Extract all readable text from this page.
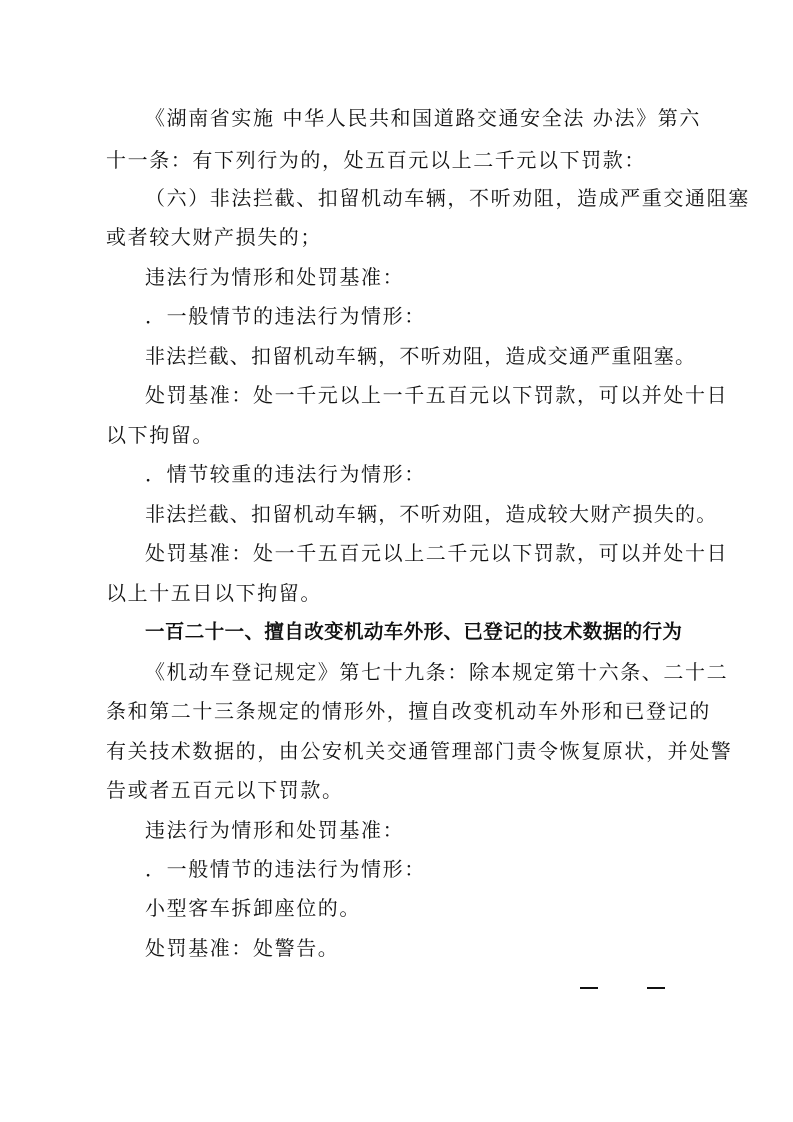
《湖南省实施 中华人民共和国道路交通安全法 办法》第六
十一条：有下列行为的，处五百元以上二千元以下罚款：
（六）非法拦截、扣留机动车辆，不听劝阻，造成严重交通阻塞
或者较大财产损失的；
违法行为情形和处罚基准：
．一般情节的违法行为情形：
非法拦截、扣留机动车辆，不听劝阻，造成交通严重阻塞。
处罚基准：处一千元以上一千五百元以下罚款，可以并处十日
以下拘留。
．情节较重的违法行为情形：
非法拦截、扣留机动车辆，不听劝阻，造成较大财产损失的。
处罚基准：处一千五百元以上二千元以下罚款，可以并处十日
以上十五日以下拘留。
一百二十一、擅自改变机动车外形、已登记的技术数据的行为
《机动车登记规定》第七十九条：除本规定第十六条、二十二
条和第二十三条规定的情形外，擅自改变机动车外形和已登记的
有关技术数据的，由公安机关交通管理部门责令恢复原状，并处警
告或者五百元以下罚款。
违法行为情形和处罚基准：
．一般情节的违法行为情形：
小型客车拆卸座位的。
处罚基准：处警告。
